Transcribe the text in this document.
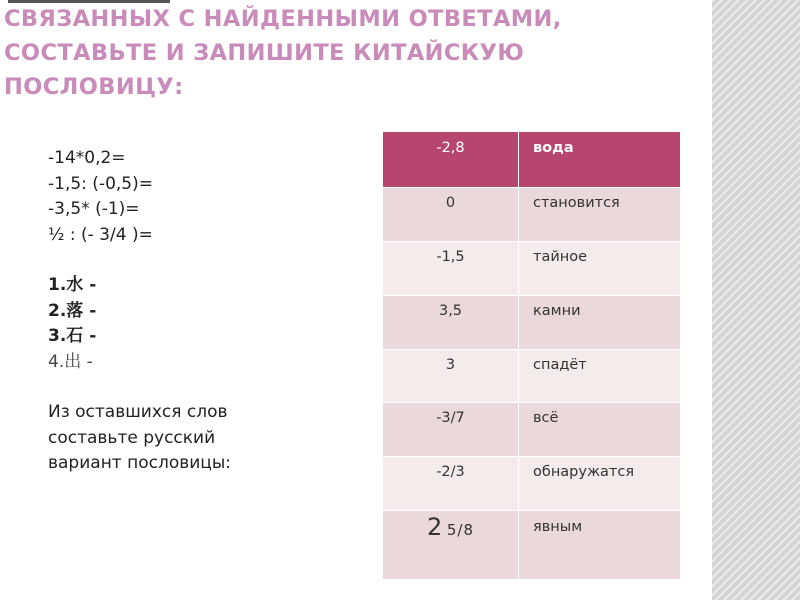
СВЯЗАННЫХ С НАЙДЕННЫМИ ОТВЕТАМИ,
СОСТАВЬТЕ И ЗАПИШИТЕ КИТАЙСКУЮ
ПОСЛОВИЦУ:
-14*0,2=
-1,5: (-0,5)=
-3,5* (-1)=
½ : (- 3/4 )=
1.水 -
2.落 -
3.石 -
4.出 -
Из оставшихся слов
составьте русский
вариант пословицы:
-2,8	вода
0	становится
-1,5	тайное
3,5	камни
3	спадёт
-3/7	всё
-2/3	обнаружатся
2 5/8	явным
